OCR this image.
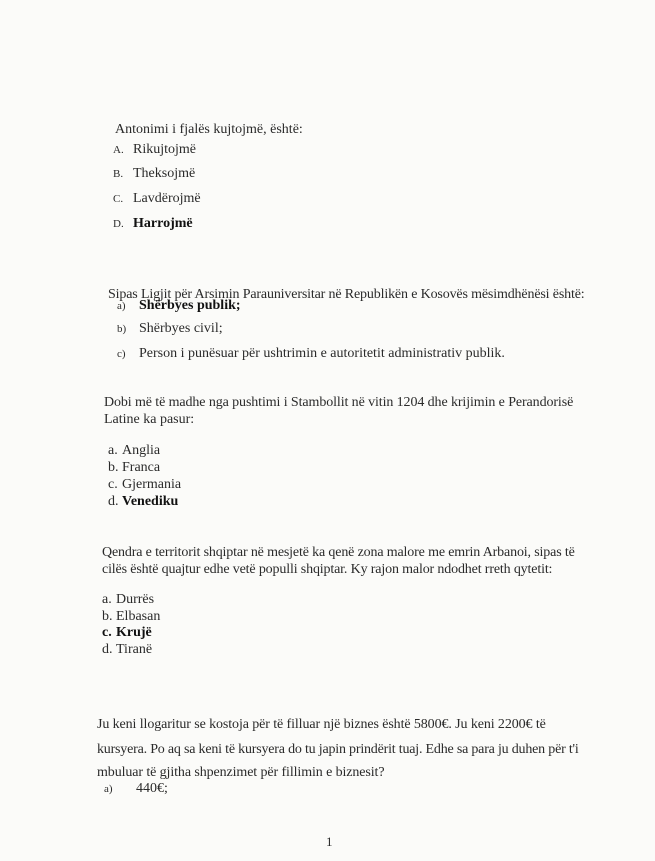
Antonimi i fjalës kujtojmë, është:
A. Rikujtojmë
B. Theksojmë
C. Lavdërojmë
D. Harrojmë
Sipas Ligjit për Arsimin Parauniversitar në Republikën e Kosovës mësimdhënësi është:
a) Shërbyes publik;
b) Shërbyes civil;
c) Person i punësuar për ushtrimin e autoritetit administrativ publik.
Dobi më të madhe nga pushtimi i Stambollit në vitin 1204 dhe krijimin e Perandorisë
Latine ka pasur:
a. Anglia
b. Franca
c. Gjermania
d. Venediku
Qendra e territorit shqiptar në mesjetë ka qenë zona malore me emrin Arbanoi, sipas të
cilës është quajtur edhe vetë populli shqiptar. Ky rajon malor ndodhet rreth qytetit:
a. Durrës
b. Elbasan
c. Krujë
d. Tiranë
Ju keni llogaritur se kostoja për të filluar një biznes është 5800€. Ju keni 2200€ të
kursyera. Po aq sa keni të kursyera do tu japin prindërit tuaj. Edhe sa para ju duhen për t'i
mbuluar të gjitha shpenzimet për fillimin e biznesit?
a) 440€;
1
